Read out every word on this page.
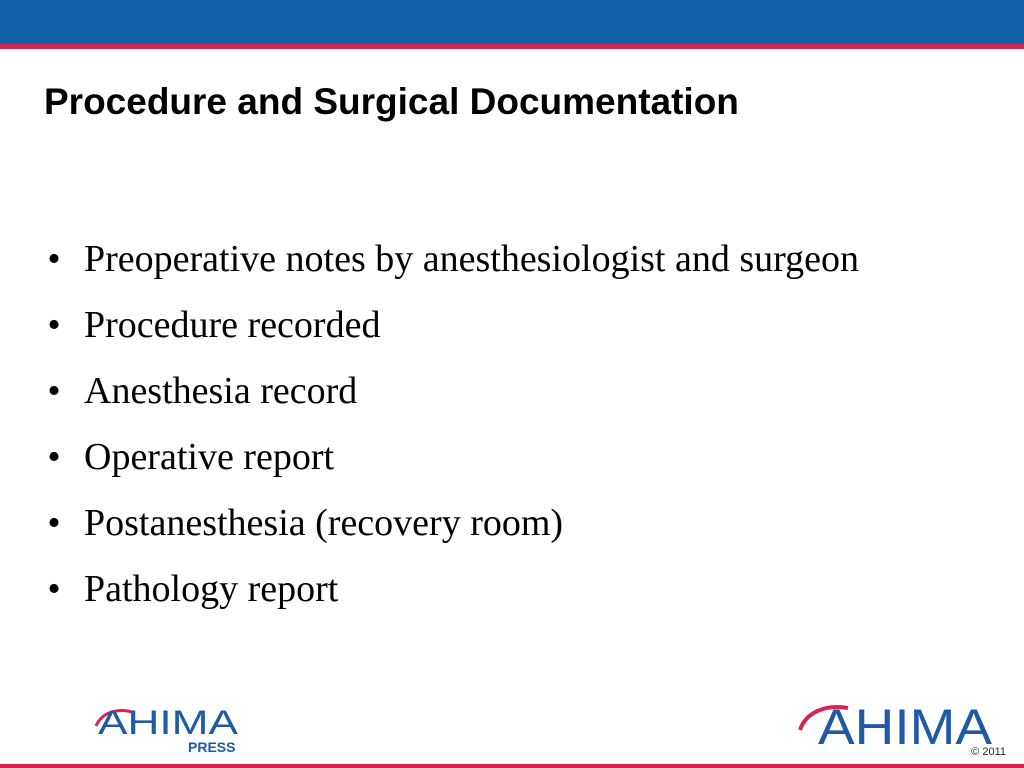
Procedure and Surgical Documentation
• Preoperative notes by anesthesiologist and surgeon
• Procedure recorded
• Anesthesia record
• Operative report
• Postanesthesia (recovery room)
• Pathology report
AHIMA
PRESS	AHIMA
© 2011
